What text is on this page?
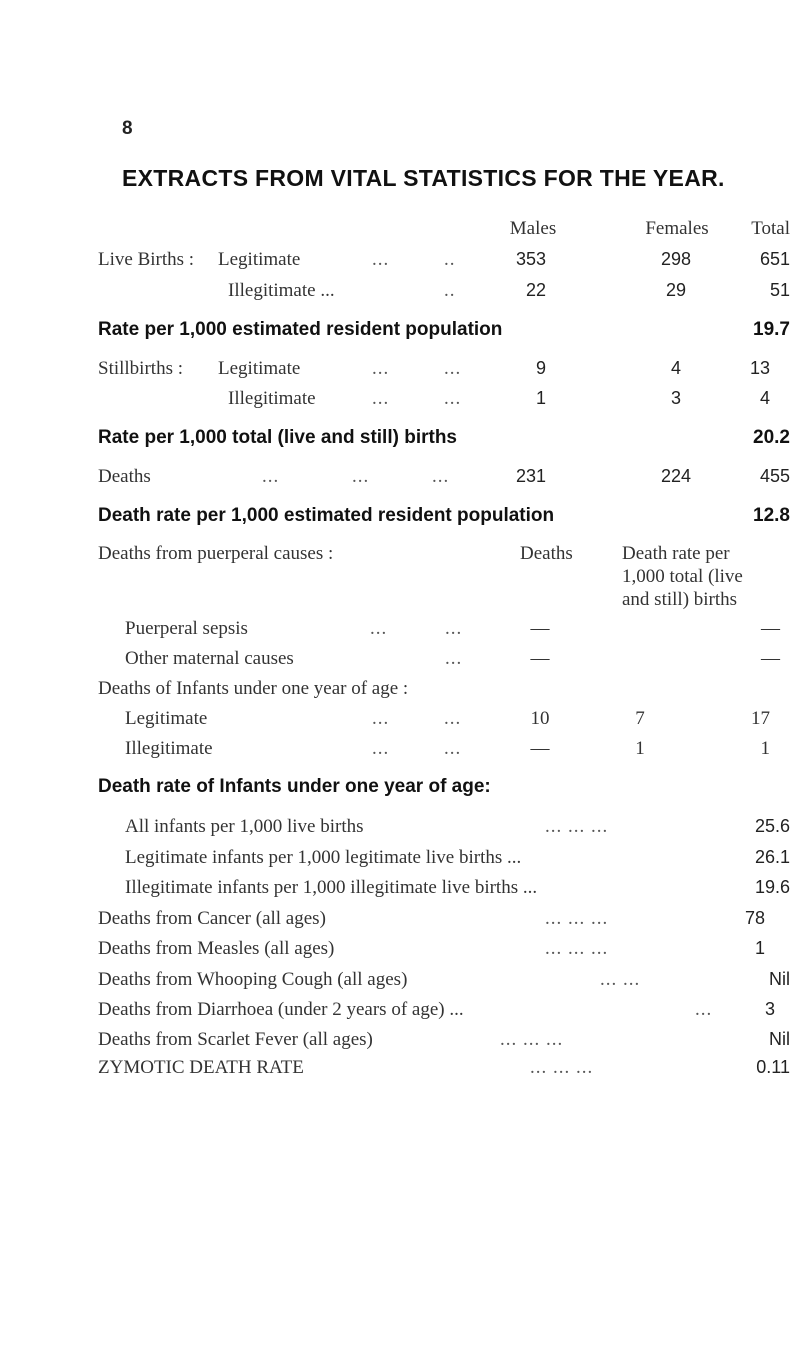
8
EXTRACTS FROM VITAL STATISTICS FOR THE YEAR.
Males	Females	Total
Live Births : Legitimate	...	..	353	298	651
Illegitimate ...	..	22	29	51
Rate per 1,000 estimated resident population	19.7
Stillbirths : Legitimate	...	...	9	4	13
Illegitimate	...	...	1	3	4
Rate per 1,000 total (live and still) births	20.2
Deaths	...	...	...	231	224	455
Death rate per 1,000 estimated resident population	12.8
Deaths from puerperal causes :	Deaths	Death rate per
1,000 total (live
and still) births
Puerperal sepsis	...	...	—	—
Other maternal causes	...	—	—
Deaths of Infants under one year of age :
Legitimate	...	...	10	7	17
Illegitimate	...	...	—	1	1
Death rate of Infants under one year of age:
All infants per 1,000 live births	... ... ...	25.6
Legitimate infants per 1,000 legitimate live births ...	26.1
Illegitimate infants per 1,000 illegitimate live births ...	19.6
Deaths from Cancer (all ages)	... ... ...	78
Deaths from Measles (all ages)	... ... ...	1
Deaths from Whooping Cough (all ages)	... ...	Nil
Deaths from Diarrhoea (under 2 years of age) ...	...	3
Deaths from Scarlet Fever (all ages)	... ... ...	Nil
ZYMOTIC DEATH RATE	... ... ...	0.11
